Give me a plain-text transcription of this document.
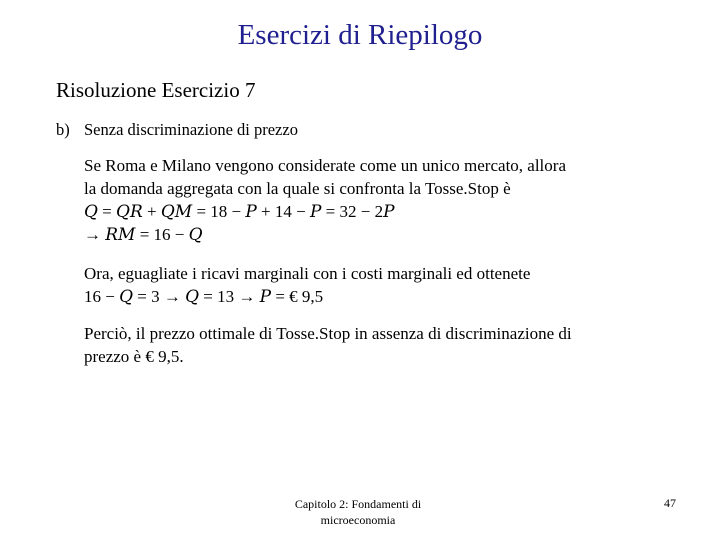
Esercizi di Riepilogo
Risoluzione Esercizio 7
b) Senza discriminazione di prezzo
Se Roma e Milano vengono considerate come un unico mercato, allora
la domanda aggregata con la quale si confronta la Tosse.Stop è
𝑄 = 𝑄𝑅 + 𝑄𝑀 = 18 − 𝑃 + 14 − 𝑃 = 32 − 2𝑃
→ 𝑅𝑀 = 16 − 𝑄
Ora, eguagliate i ricavi marginali con i costi marginali ed ottenete
16 − 𝑄 = 3 → 𝑄 = 13 → 𝑃 = € 9,5
Perciò, il prezzo ottimale di Tosse.Stop in assenza di discriminazione di
prezzo è € 9,5.
Capitolo 2: Fondamenti di microeconomia
47
